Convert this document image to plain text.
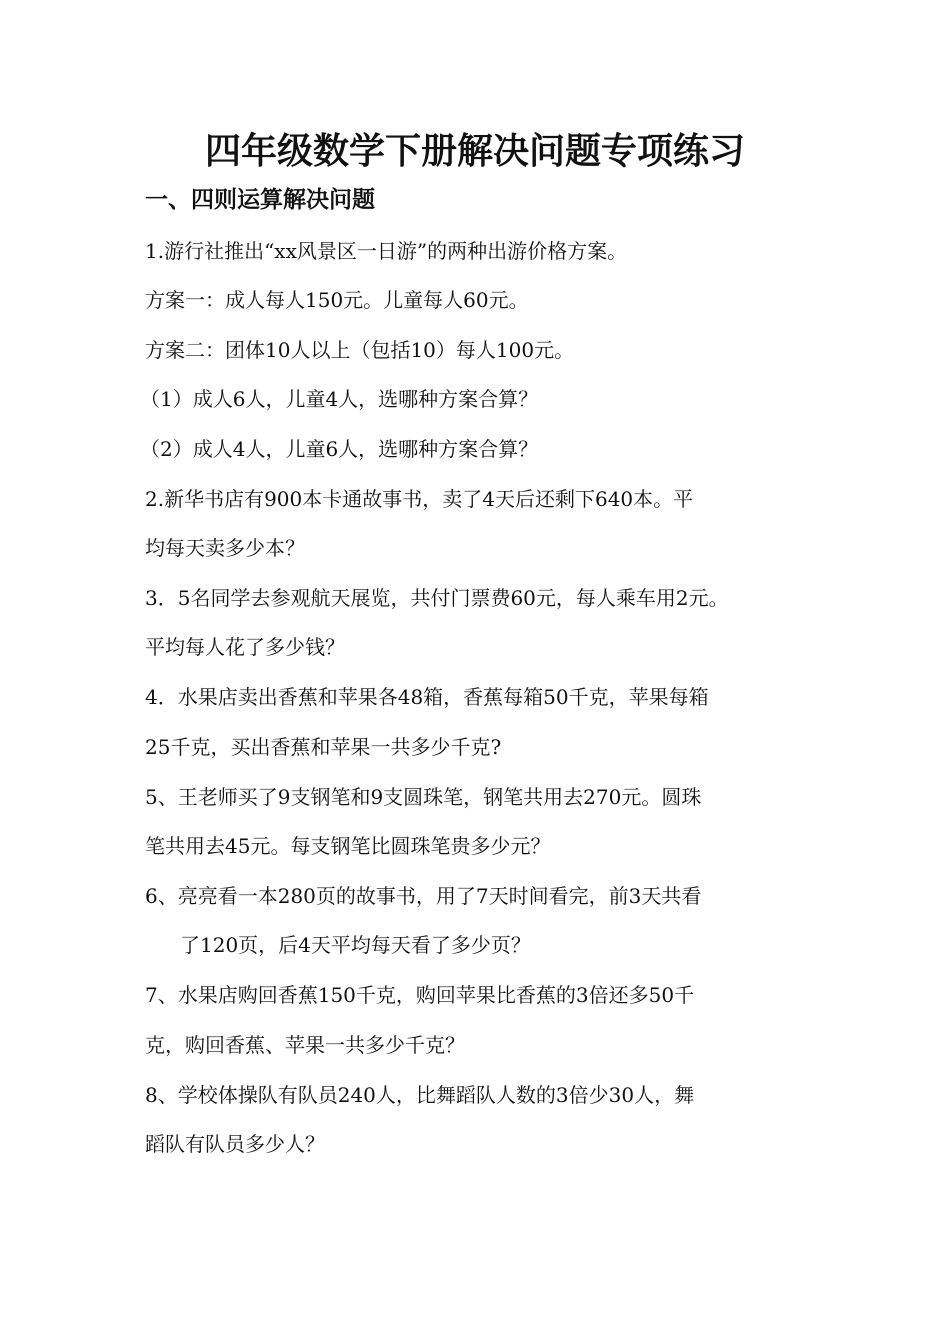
四年级数学下册解决问题专项练习
一、四则运算解决问题
1.游行社推出“xx风景区一日游”的两种出游价格方案。
方案一：成人每人150元。儿童每人60元。
方案二：团体10人以上（包括10）每人100元。
（1）成人6人，儿童4人，选哪种方案合算？
（2）成人4人，儿童6人，选哪种方案合算？
2.新华书店有900本卡通故事书，卖了4天后还剩下640本。平
均每天卖多少本？
3．5名同学去参观航天展览，共付门票费60元，每人乘车用2元。
平均每人花了多少钱？
4．水果店卖出香蕉和苹果各48箱，香蕉每箱50千克，苹果每箱
25千克，买出香蕉和苹果一共多少千克?
5、王老师买了9支钢笔和9支圆珠笔，钢笔共用去270元。圆珠
笔共用去45元。每支钢笔比圆珠笔贵多少元？
6、亮亮看一本280页的故事书，用了7天时间看完，前3天共看
了120页，后4天平均每天看了多少页？
7、水果店购回香蕉150千克，购回苹果比香蕉的3倍还多50千
克，购回香蕉、苹果一共多少千克？
8、学校体操队有队员240人，比舞蹈队人数的3倍少30人，舞
蹈队有队员多少人？
